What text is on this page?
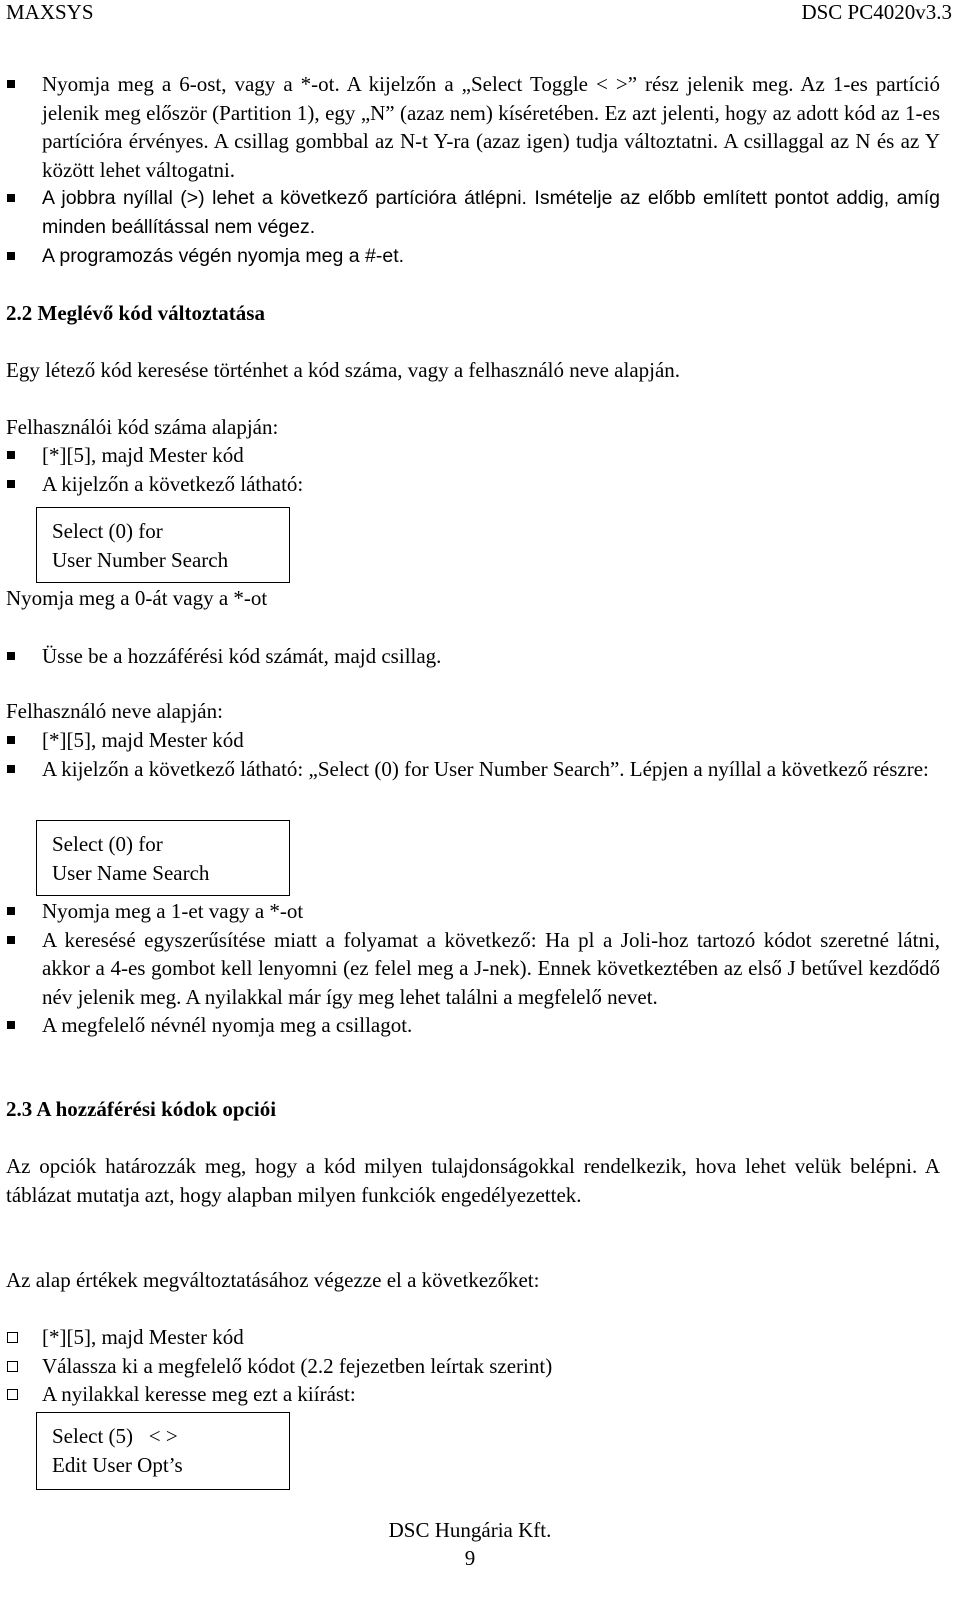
MAXSYS	DSC PC4020v3.3
Nyomja meg a 6-ost, vagy a *-ot. A kijelzőn a „Select Toggle < >” rész jelenik meg. Az 1-es partíció jelenik meg először (Partition 1), egy „N” (azaz nem) kíséretében. Ez azt jelenti, hogy az adott kód az 1-es partícióra érvényes. A csillag gombbal az N-t Y-ra (azaz igen) tudja változtatni. A csillaggal az N és az Y között lehet váltogatni.
A jobbra nyíllal (>) lehet a következő partícióra átlépni. Ismételje az előbb említett pontot addig, amíg minden beállítással nem végez.
A programozás végén nyomja meg a #-et.
2.2 Meglévő kód változtatása

Egy létező kód keresése történhet a kód száma, vagy a felhasználó neve alapján.

Felhasználói kód száma alapján:

[*][5], majd Mester kód
A kijelzőn a következő látható:
Select (0) for
User Number Search

Nyomja meg a 0-át vagy a *-ot

Üsse be a hozzáférési kód számát, majd csillag.

Felhasználó neve alapján:

[*][5], majd Mester kód
A kijelzőn a következő látható: „Select (0) for User Number Search”. Lépjen a nyíllal a következő részre:
Select (0) for
User Name Search
Nyomja meg a 1-et vagy a *-ot
A keresésé egyszerűsítése miatt a folyamat a következő: Ha pl a Joli-hoz tartozó kódot szeretné látni, akkor a 4-es gombot kell lenyomni (ez felel meg a J-nek). Ennek következtében az első J betűvel kezdődő név jelenik meg. A nyilakkal már így meg lehet találni a megfelelő nevet.
A megfelelő névnél nyomja meg a csillagot.
2.3 A hozzáférési kódok opciói

Az opciók határozzák meg, hogy a kód milyen tulajdonságokkal rendelkezik, hova lehet velük belépni. A táblázat mutatja azt, hogy alapban milyen funkciók engedélyezettek.

Az alap értékek megváltoztatásához végezze el a következőket:

[*][5], majd Mester kód
Válassza ki a megfelelő kódot (2.2 fejezetben leírtak szerint)
A nyilakkal keresse meg ezt a kiírást:
Select (5)   < >
Edit User Opt’s
DSC Hungária Kft.
9
